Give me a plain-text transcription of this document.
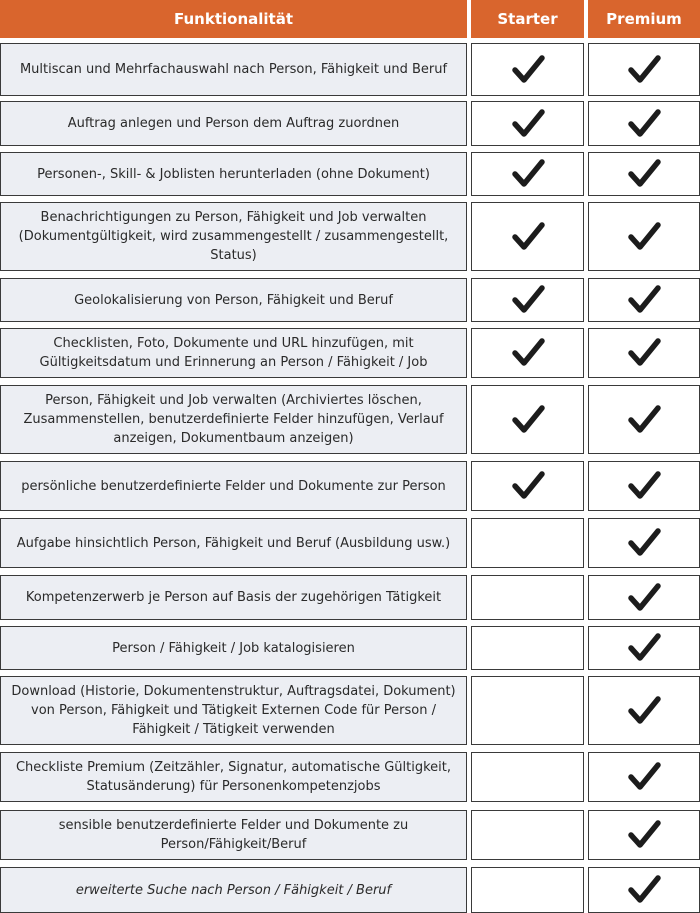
Funktionalität	Starter	Premium
Multiscan und Mehrfachauswahl nach Person, Fähigkeit und Beruf
Auftrag anlegen und Person dem Auftrag zuordnen
Personen-, Skill- & Joblisten herunterladen (ohne Dokument)
Benachrichtigungen zu Person, Fähigkeit und Job verwalten (Dokumentgültigkeit, wird zusammengestellt / zusammengestellt, Status)
Geolokalisierung von Person, Fähigkeit und Beruf
Checklisten, Foto, Dokumente und URL hinzufügen, mit Gültigkeitsdatum und Erinnerung an Person / Fähigkeit / Job
Person, Fähigkeit und Job verwalten (Archiviertes löschen, Zusammenstellen, benutzerdefinierte Felder hinzufügen, Verlauf anzeigen, Dokumentbaum anzeigen)
persönliche benutzerdefinierte Felder und Dokumente zur Person
Aufgabe hinsichtlich Person, Fähigkeit und Beruf (Ausbildung usw.)
Kompetenzerwerb je Person auf Basis der zugehörigen Tätigkeit
Person / Fähigkeit / Job katalogisieren
Download (Historie, Dokumentenstruktur, Auftragsdatei, Dokument) von Person, Fähigkeit und Tätigkeit Externen Code für Person / Fähigkeit / Tätigkeit verwenden
Checkliste Premium (Zeitzähler, Signatur, automatische Gültigkeit, Statusänderung) für Personenkompetenzjobs
sensible benutzerdefinierte Felder und Dokumente zu Person/Fähigkeit/Beruf
erweiterte Suche nach Person / Fähigkeit / Beruf
